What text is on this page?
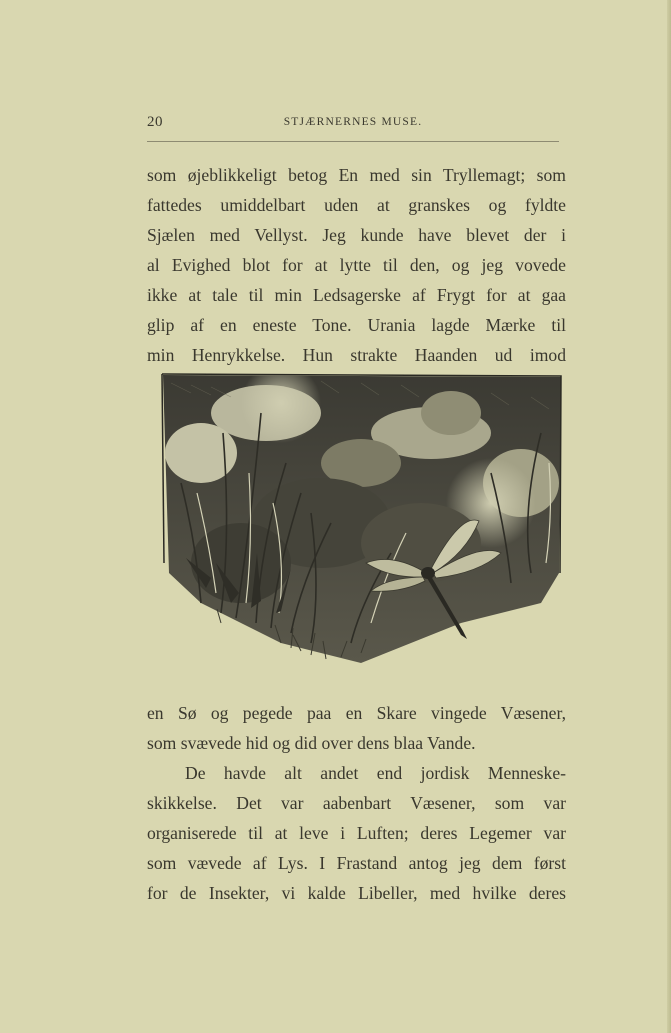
20	STJÆRNERNES MUSE.
som øjeblikkeligt betog En med sin Tryllemagt; som
fattedes umiddelbart uden at granskes og fyldte
Sjælen med Vellyst. Jeg kunde have blevet der i
al Evighed blot for at lytte til den, og jeg vovede
ikke at tale til min Ledsagerske af Frygt for at gaa
glip af en eneste Tone. Urania lagde Mærke til
min Henrykkelse. Hun strakte Haanden ud imod
en Sø og pegede paa en Skare vingede Væsener,
som svævede hid og did over dens blaa Vande.
De havde alt andet end jordisk Menneske-
skikkelse. Det var aabenbart Væsener, som var
organiserede til at leve i Luften; deres Legemer var
som vævede af Lys. I Frastand antog jeg dem først
for de Insekter, vi kalde Libeller, med hvilke deres
